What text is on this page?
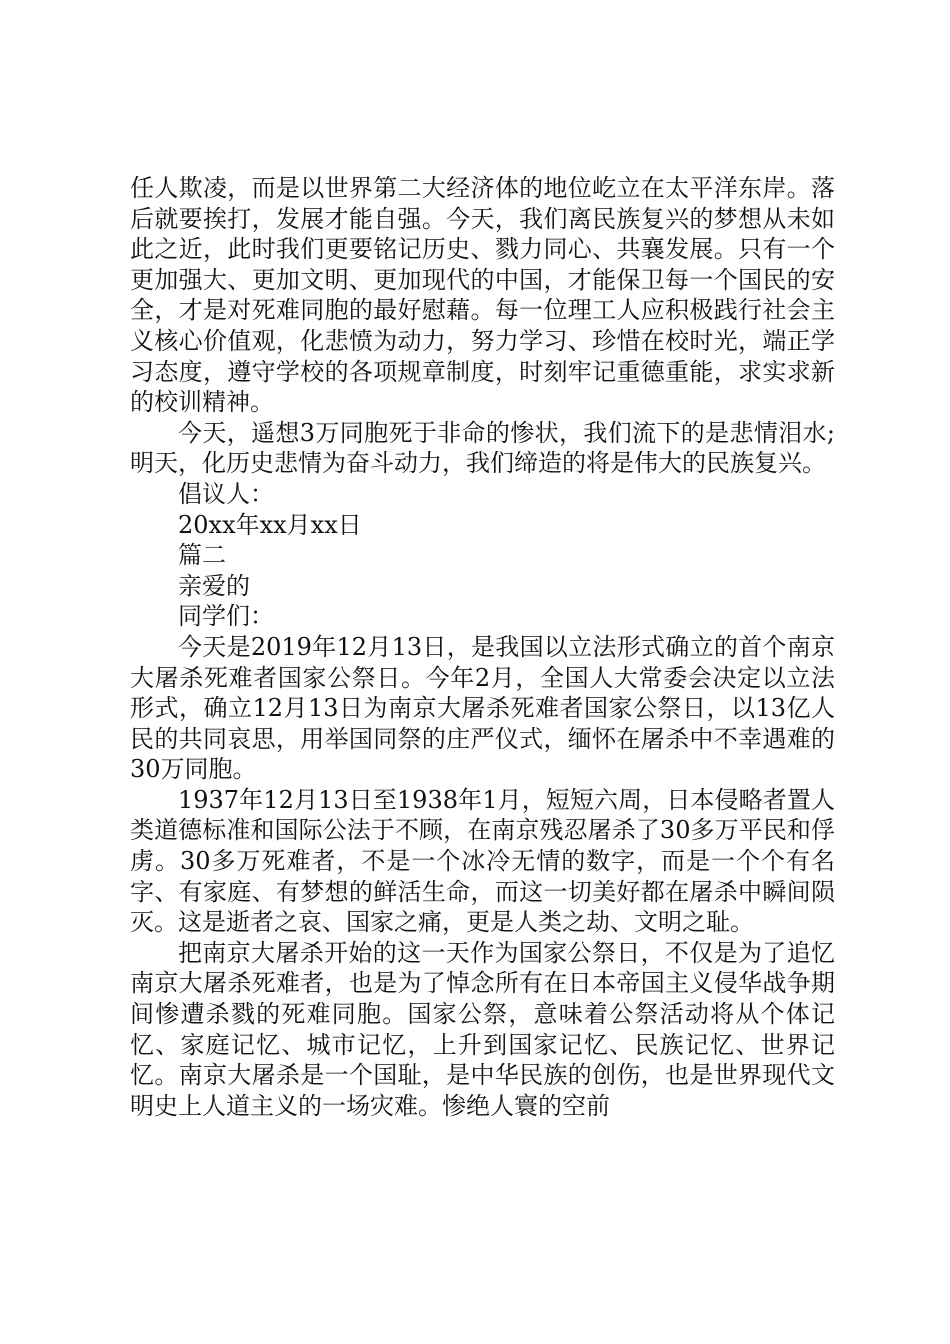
任人欺凌，而是以世界第二大经济体的地位屹立在太平洋东岸。落后就要挨打，发展才能自强。今天，我们离民族复兴的梦想从未如此之近，此时我们更要铭记历史、戮力同心、共襄发展。只有一个更加强大、更加文明、更加现代的中国，才能保卫每一个国民的安全，才是对死难同胞的最好慰藉。每一位理工人应积极践行社会主义核心价值观，化悲愤为动力，努力学习、珍惜在校时光，端正学习态度，遵守学校的各项规章制度，时刻牢记重德重能，求实求新的校训精神。

今天，遥想3万同胞死于非命的惨状，我们流下的是悲情泪水;明天，化历史悲情为奋斗动力，我们缔造的将是伟大的民族复兴。

倡议人：

20xx年xx月xx日

篇二

亲爱的

同学们：

今天是2019年12月13日，是我国以立法形式确立的首个南京大屠杀死难者国家公祭日。今年2月，全国人大常委会决定以立法形式，确立12月13日为南京大屠杀死难者国家公祭日，以13亿人民的共同哀思，用举国同祭的庄严仪式，缅怀在屠杀中不幸遇难的30万同胞。

1937年12月13日至1938年1月，短短六周，日本侵略者置人类道德标准和国际公法于不顾，在南京残忍屠杀了30多万平民和俘虏。30多万死难者，不是一个冰冷无情的数字，而是一个个有名字、有家庭、有梦想的鲜活生命，而这一切美好都在屠杀中瞬间陨灭。这是逝者之哀、国家之痛，更是人类之劫、文明之耻。

把南京大屠杀开始的这一天作为国家公祭日，不仅是为了追忆南京大屠杀死难者，也是为了悼念所有在日本帝国主义侵华战争期间惨遭杀戮的死难同胞。国家公祭，意味着公祭活动将从个体记忆、家庭记忆、城市记忆，上升到国家记忆、民族记忆、世界记忆。南京大屠杀是一个国耻，是中华民族的创伤，也是世界现代文明史上人道主义的一场灾难。惨绝人寰的空前
